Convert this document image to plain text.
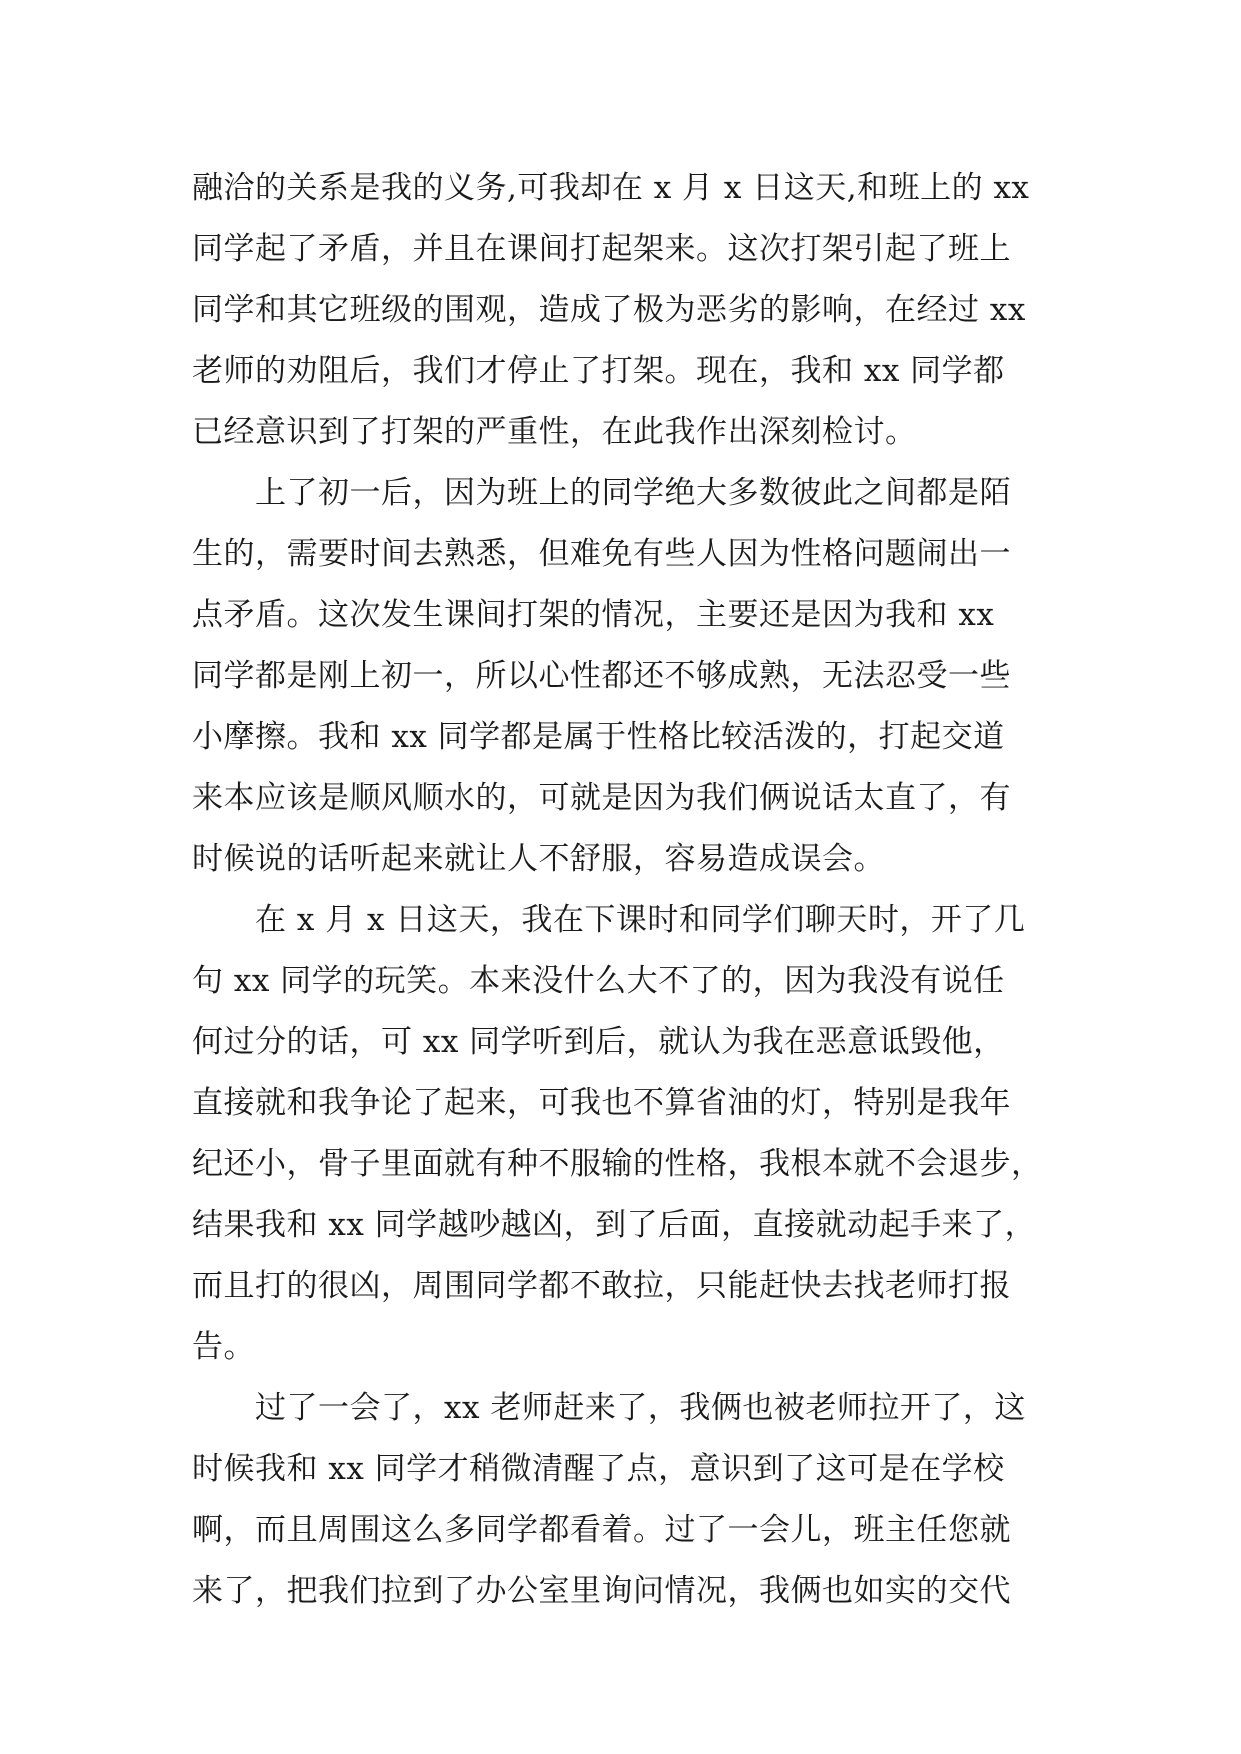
融洽的关系是我的义务,可我却在 x 月 x 日这天,和班上的 xx
同学起了矛盾，并且在课间打起架来。这次打架引起了班上
同学和其它班级的围观，造成了极为恶劣的影响，在经过 xx
老师的劝阻后，我们才停止了打架。现在，我和 xx 同学都
已经意识到了打架的严重性，在此我作出深刻检讨。
　　上了初一后，因为班上的同学绝大多数彼此之间都是陌
生的，需要时间去熟悉，但难免有些人因为性格问题闹出一
点矛盾。这次发生课间打架的情况，主要还是因为我和 xx
同学都是刚上初一，所以心性都还不够成熟，无法忍受一些
小摩擦。我和 xx 同学都是属于性格比较活泼的，打起交道
来本应该是顺风顺水的，可就是因为我们俩说话太直了，有
时候说的话听起来就让人不舒服，容易造成误会。
　　在 x 月 x 日这天，我在下课时和同学们聊天时，开了几
句 xx 同学的玩笑。本来没什么大不了的，因为我没有说任
何过分的话，可 xx 同学听到后，就认为我在恶意诋毁他，
直接就和我争论了起来，可我也不算省油的灯，特别是我年
纪还小，骨子里面就有种不服输的性格，我根本就不会退步，
结果我和 xx 同学越吵越凶，到了后面，直接就动起手来了，
而且打的很凶，周围同学都不敢拉，只能赶快去找老师打报
告。
　　过了一会了，xx 老师赶来了，我俩也被老师拉开了，这
时候我和 xx 同学才稍微清醒了点，意识到了这可是在学校
啊，而且周围这么多同学都看着。过了一会儿，班主任您就
来了，把我们拉到了办公室里询问情况，我俩也如实的交代
